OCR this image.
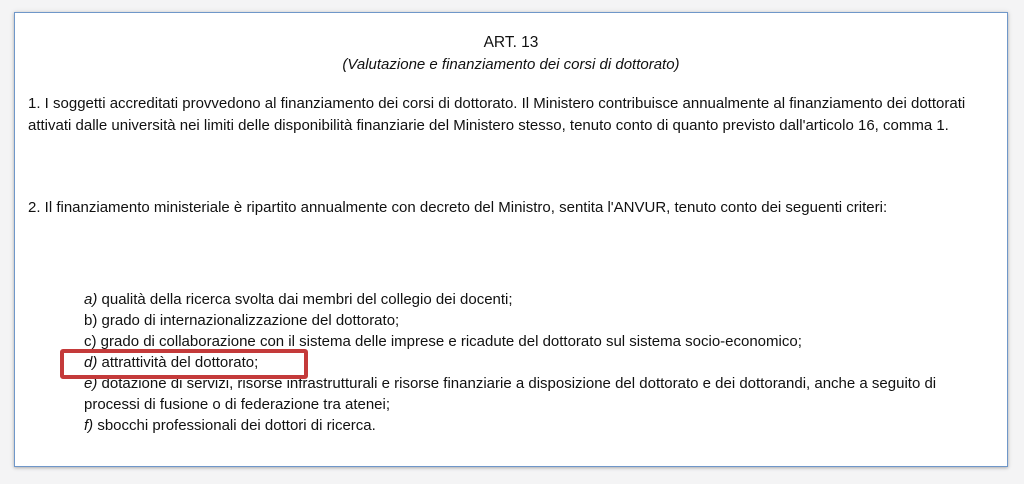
ART. 13

(Valutazione e finanziamento dei corsi di dottorato)

1. I soggetti accreditati provvedono al finanziamento dei corsi di dottorato. Il Ministero contribuisce annualmente al finanziamento dei dottorati attivati dalle università nei limiti delle disponibilità finanziarie del Ministero stesso, tenuto conto di quanto previsto dall'articolo 16, comma 1.

2. Il finanziamento ministeriale è ripartito annualmente con decreto del Ministro, sentita l'ANVUR, tenuto conto dei seguenti criteri:

a) qualità della ricerca svolta dai membri del collegio dei docenti;
b) grado di internazionalizzazione del dottorato;
c) grado di collaborazione con il sistema delle imprese e ricadute del dottorato sul sistema socio-economico;
d) attrattività del dottorato;
e) dotazione di servizi, risorse infrastrutturali e risorse finanziarie a disposizione del dottorato e dei dottorandi, anche a seguito di processi di fusione o di federazione tra atenei;
f) sbocchi professionali dei dottori di ricerca.
